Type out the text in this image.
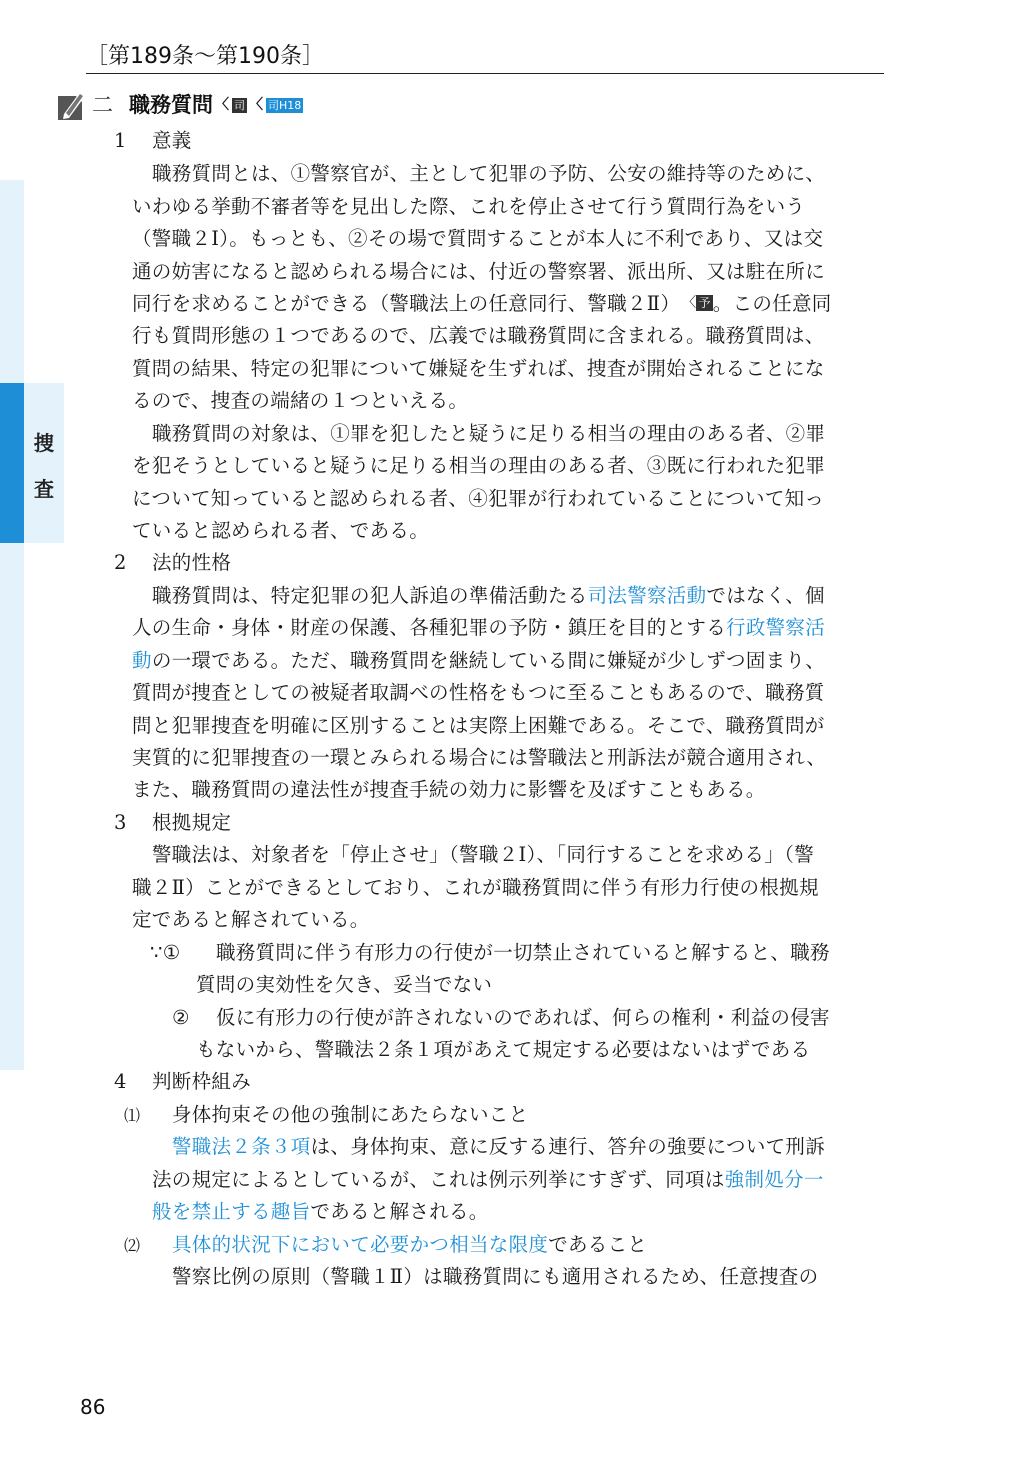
［第189条～第190条］
捜
査
二 職務質問 〈 司 〈 司H18
1 意義
職務質問とは、①警察官が、主として犯罪の予防、公安の維持等のために、
いわゆる挙動不審者等を見出した際、これを停止させて行う質問行為をいう
（警職２Ⅰ）。もっとも、②その場で質問することが本人に不利であり、又は交
通の妨害になると認められる場合には、付近の警察署、派出所、又は駐在所に
同行を求めることができる（警職法上の任意同行、警職２Ⅱ） 〈 予 。この任意同
行も質問形態の１つであるので、広義では職務質問に含まれる。職務質問は、
質問の結果、特定の犯罪について嫌疑を生ずれば、捜査が開始されることにな
るので、捜査の端緒の１つといえる。
職務質問の対象は、①罪を犯したと疑うに足りる相当の理由のある者、②罪
を犯そうとしていると疑うに足りる相当の理由のある者、③既に行われた犯罪
について知っていると認められる者、④犯罪が行われていることについて知っ
ていると認められる者、である。
2 法的性格
職務質問は、特定犯罪の犯人訴追の準備活動たる司法警察活動ではなく、個
人の生命・身体・財産の保護、各種犯罪の予防・鎮圧を目的とする行政警察活
動の一環である。ただ、職務質問を継続している間に嫌疑が少しずつ固まり、
質問が捜査としての被疑者取調べの性格をもつに至ることもあるので、職務質
問と犯罪捜査を明確に区別することは実際上困難である。そこで、職務質問が
実質的に犯罪捜査の一環とみられる場合には警職法と刑訴法が競合適用され、
また、職務質問の違法性が捜査手続の効力に影響を及ぼすこともある。
3 根拠規定
警職法は、対象者を「停止させ」（警職２Ⅰ）、「同行することを求める」（警
職２Ⅱ）ことができるとしており、これが職務質問に伴う有形力行使の根拠規
定であると解されている。
∵① 職務質問に伴う有形力の行使が一切禁止されていると解すると、職務
質問の実効性を欠き、妥当でない
② 仮に有形力の行使が許されないのであれば、何らの権利・利益の侵害
もないから、警職法２条１項があえて規定する必要はないはずである
4 判断枠組み
⑴ 身体拘束その他の強制にあたらないこと
警職法２条３項は、身体拘束、意に反する連行、答弁の強要について刑訴
法の規定によるとしているが、これは例示列挙にすぎず、同項は強制処分一
般を禁止する趣旨であると解される。
⑵ 具体的状況下において必要かつ相当な限度であること
警察比例の原則（警職１Ⅱ）は職務質問にも適用されるため、任意捜査の
86
